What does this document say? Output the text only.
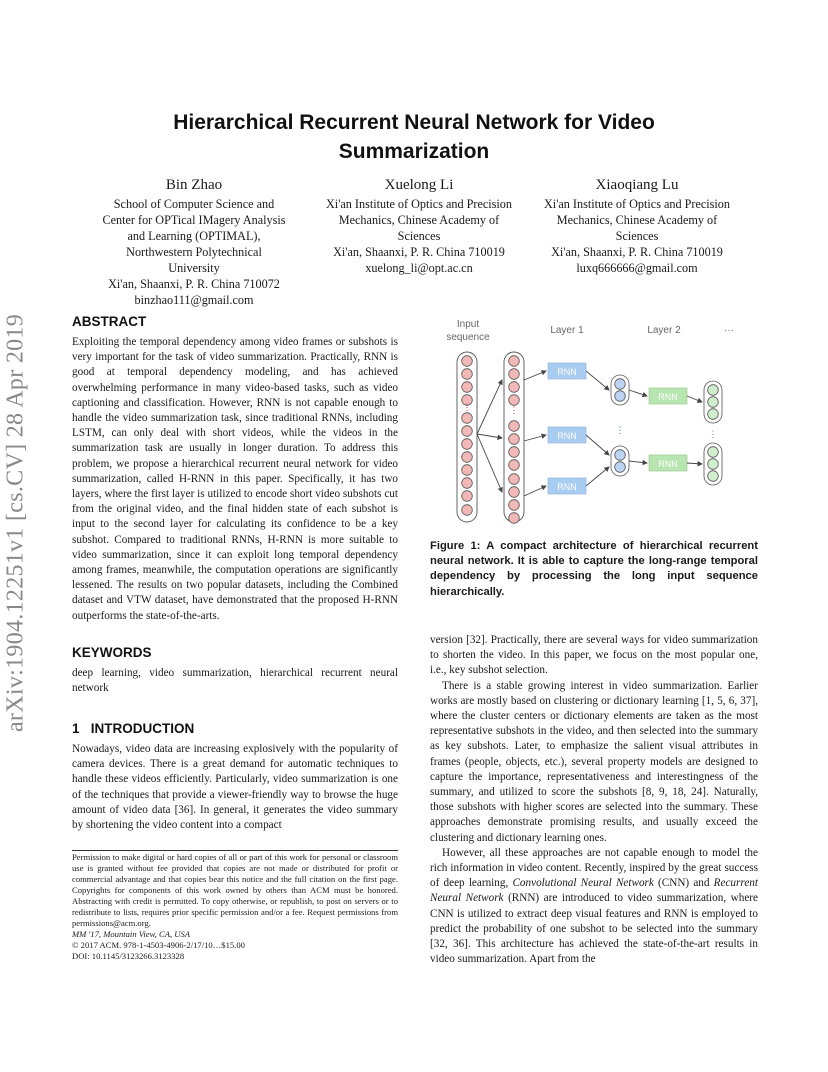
arXiv:1904.12251v1 [cs.CV] 28 Apr 2019
Hierarchical Recurrent Neural Network for Video Summarization
Bin Zhao
School of Computer Science and
Center for OPTical IMagery Analysis
and Learning (OPTIMAL),
Northwestern Polytechnical
University
Xi'an, Shaanxi, P. R. China 710072
binzhao111@gmail.com
Xuelong Li
Xi'an Institute of Optics and Precision
Mechanics, Chinese Academy of
Sciences
Xi'an, Shaanxi, P. R. China 710019
xuelong_li@opt.ac.cn
Xiaoqiang Lu
Xi'an Institute of Optics and Precision
Mechanics, Chinese Academy of
Sciences
Xi'an, Shaanxi, P. R. China 710019
luxq666666@gmail.com
ABSTRACT

Exploiting the temporal dependency among video frames or subshots is very important for the task of video summarization. Practically, RNN is good at temporal dependency modeling, and has achieved overwhelming performance in many video-based tasks, such as video captioning and classification. However, RNN is not capable enough to handle the video summarization task, since traditional RNNs, including LSTM, can only deal with short videos, while the videos in the summarization task are usually in longer duration. To address this problem, we propose a hierarchical recurrent neural network for video summarization, called H-RNN in this paper. Specifically, it has two layers, where the first layer is utilized to encode short video subshots cut from the original video, and the final hidden state of each subshot is input to the second layer for calculating its confidence to be a key subshot. Compared to traditional RNNs, H-RNN is more suitable to video summarization, since it can exploit long temporal dependency among frames, meanwhile, the computation operations are significantly lessened. The results on two popular datasets, including the Combined dataset and VTW dataset, have demonstrated that the proposed H-RNN outperforms the state-of-the-arts.

KEYWORDS

deep learning, video summarization, hierarchical recurrent neural network

1   INTRODUCTION

Nowadays, video data are increasing explosively with the popularity of camera devices. There is a great demand for automatic techniques to handle these videos efficiently. Particularly, video summarization is one of the techniques that provide a viewer-friendly way to browse the huge amount of video data [36]. In general, it generates the video summary by shortening the video content into a compact

Permission to make digital or hard copies of all or part of this work for personal or classroom use is granted without fee provided that copies are not made or distributed for profit or commercial advantage and that copies bear this notice and the full citation on the first page. Copyrights for components of this work owned by others than ACM must be honored. Abstracting with credit is permitted. To copy otherwise, or republish, to post on servers or to redistribute to lists, requires prior specific permission and/or a fee. Request permissions from permissions@acm.org.
MM '17, Mountain View, CA, USA
© 2017 ACM. 978-1-4503-4906-2/17/10…$15.00
DOI: 10.1145/3123266.3123328
Input
sequence
Layer 1	Layer 2	···
⋮	⋮
RNN
RNN
RNN
⋮
RNN
RNN
⋮
Figure 1: A compact architecture of hierarchical recurrent neural network. It is able to capture the long-range temporal dependency by processing the long input sequence hierarchically.

version [32]. Practically, there are several ways for video summarization to shorten the video. In this paper, we focus on the most popular one, i.e., key subshot selection.

There is a stable growing interest in video summarization. Earlier works are mostly based on clustering or dictionary learning [1, 5, 6, 37], where the cluster centers or dictionary elements are taken as the most representative subshots in the video, and then selected into the summary as key subshots. Later, to emphasize the salient visual attributes in frames (people, objects, etc.), several property models are designed to capture the importance, representativeness and interestingness of the summary, and utilized to score the subshots [8, 9, 18, 24]. Naturally, those subshots with higher scores are selected into the summary. These approaches demonstrate promising results, and usually exceed the clustering and dictionary learning ones.

However, all these approaches are not capable enough to model the rich information in video content. Recently, inspired by the great success of deep learning, Convolutional Neural Network (CNN) and Recurrent Neural Network (RNN) are introduced to video summarization, where CNN is utilized to extract deep visual features and RNN is employed to predict the probability of one subshot to be selected into the summary [32, 36]. This architecture has achieved the state-of-the-art results in video summarization. Apart from the
